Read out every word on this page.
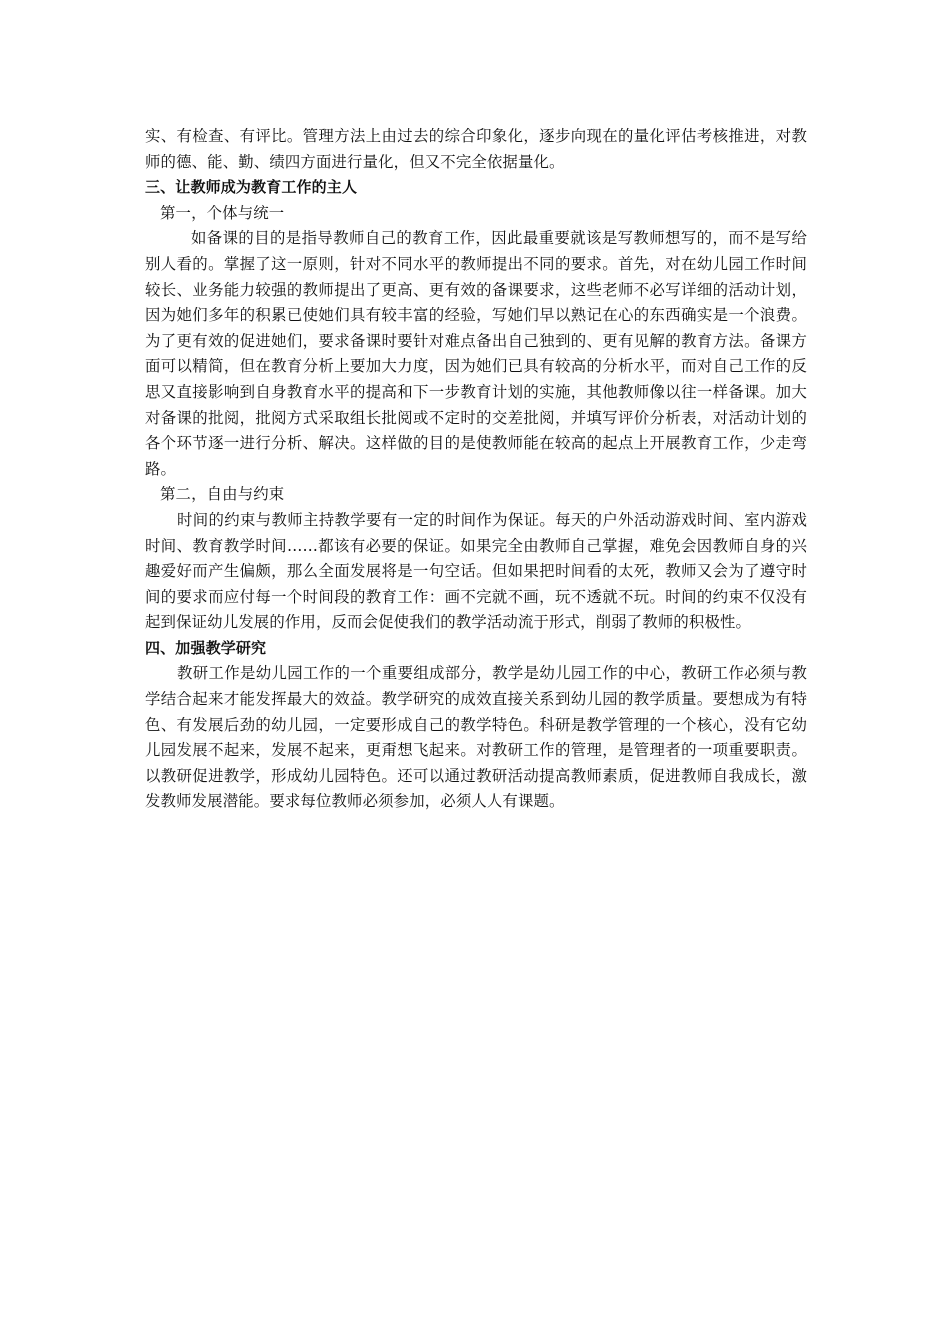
实、有检查、有评比。管理方法上由过去的综合印象化，逐步向现在的量化评估考核推进，对教师的德、能、勤、绩四方面进行量化，但又不完全依据量化。

三、让教师成为教育工作的主人

第一，个体与统一

如备课的目的是指导教师自己的教育工作，因此最重要就该是写教师想写的，而不是写给别人看的。掌握了这一原则，针对不同水平的教师提出不同的要求。首先，对在幼儿园工作时间较长、业务能力较强的教师提出了更高、更有效的备课要求，这些老师不必写详细的活动计划，因为她们多年的积累已使她们具有较丰富的经验，写她们早以熟记在心的东西确实是一个浪费。为了更有效的促进她们，要求备课时要针对难点备出自己独到的、更有见解的教育方法。备课方面可以精简，但在教育分析上要加大力度，因为她们已具有较高的分析水平，而对自己工作的反思又直接影响到自身教育水平的提高和下一步教育计划的实施，其他教师像以往一样备课。加大对备课的批阅，批阅方式采取组长批阅或不定时的交差批阅，并填写评价分析表，对活动计划的各个环节逐一进行分析、解决。这样做的目的是使教师能在较高的起点上开展教育工作，少走弯路。

第二，自由与约束

时间的约束与教师主持教学要有一定的时间作为保证。每天的户外活动游戏时间、室内游戏时间、教育教学时间……都该有必要的保证。如果完全由教师自己掌握，难免会因教师自身的兴趣爱好而产生偏颇，那么全面发展将是一句空话。但如果把时间看的太死，教师又会为了遵守时间的要求而应付每一个时间段的教育工作：画不完就不画，玩不透就不玩。时间的约束不仅没有起到保证幼儿发展的作用，反而会促使我们的教学活动流于形式，削弱了教师的积极性。

四、加强教学研究

教研工作是幼儿园工作的一个重要组成部分，教学是幼儿园工作的中心，教研工作必须与教学结合起来才能发挥最大的效益。教学研究的成效直接关系到幼儿园的教学质量。要想成为有特色、有发展后劲的幼儿园，一定要形成自己的教学特色。科研是教学管理的一个核心，没有它幼儿园发展不起来，发展不起来，更甭想飞起来。对教研工作的管理，是管理者的一项重要职责。以教研促进教学，形成幼儿园特色。还可以通过教研活动提高教师素质，促进教师自我成长，激发教师发展潜能。要求每位教师必须参加，必须人人有课题。
